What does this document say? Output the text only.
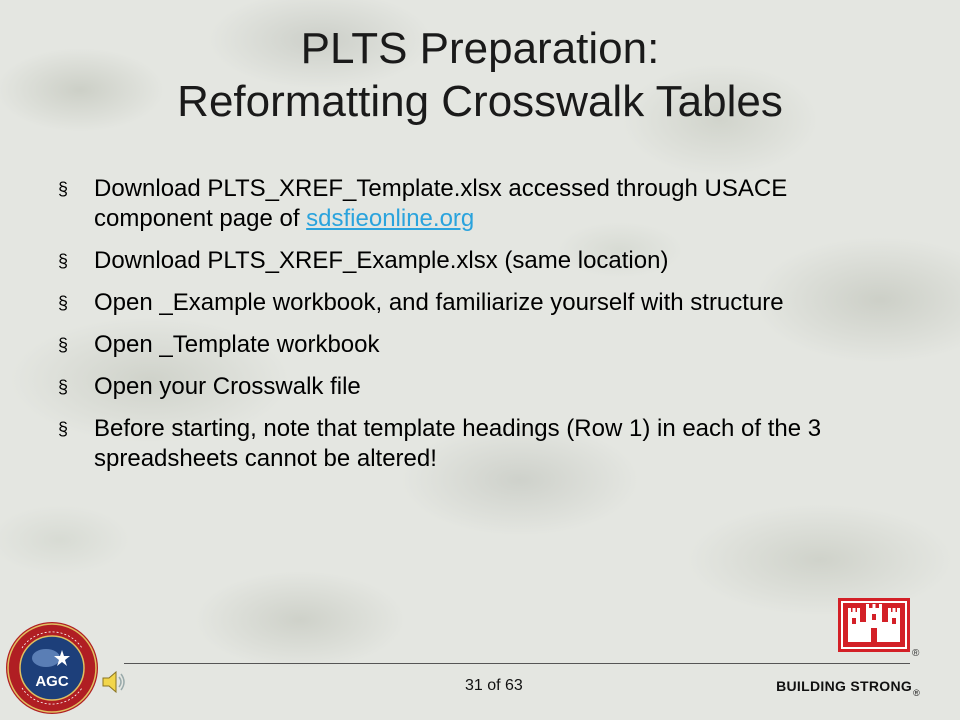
PLTS Preparation:
Reformatting Crosswalk Tables
§ Download PLTS_XREF_Template.xlsx accessed through USACE component page of sdsfieonline.org
§ Download PLTS_XREF_Example.xlsx (same location)
§ Open _Example workbook, and familiarize yourself with structure
§ Open _Template workbook
§ Open your Crosswalk file
§ Before starting, note that template headings (Row 1) in each of the 3 spreadsheets cannot be altered!
®
31 of 63	BUILDING $STRONG_®$
AGC
